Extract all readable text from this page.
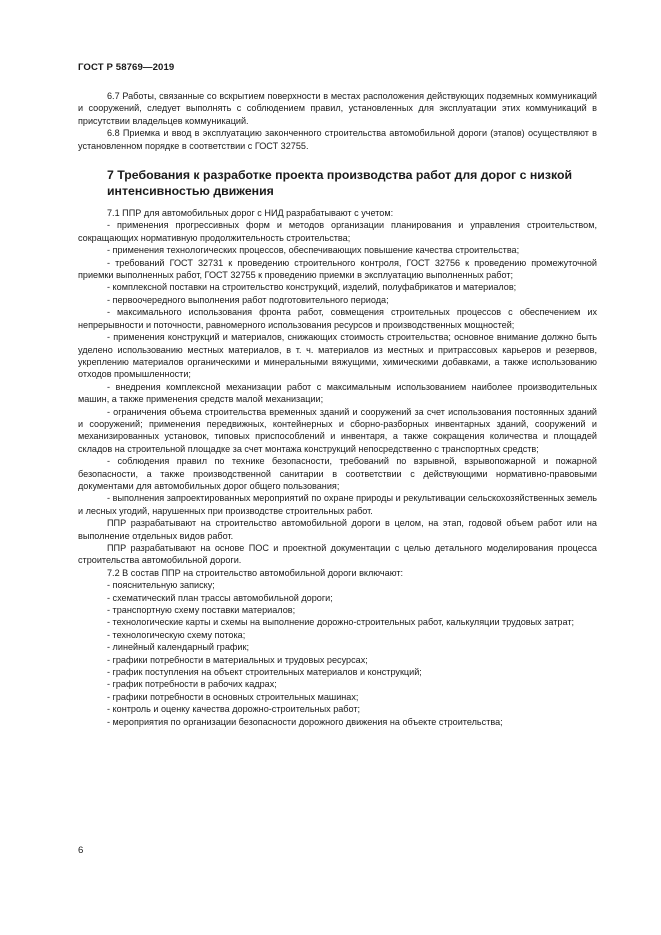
ГОСТ Р 58769—2019

6.7 Работы, связанные со вскрытием поверхности в местах расположения действующих подземных коммуникаций и сооружений, следует выполнять с соблюдением правил, установленных для эксплуатации этих коммуникаций в присутствии владельцев коммуникаций.

6.8 Приемка и ввод в эксплуатацию законченного строительства автомобильной дороги (этапов) осуществляют в установленном порядке в соответствии с ГОСТ 32755.

7 Требования к разработке проекта производства работ для дорог с низкой интенсивностью движения

7.1 ППР для автомобильных дорог с НИД разрабатывают с учетом:

- применения прогрессивных форм и методов организации планирования и управления строительством, сокращающих нормативную продолжительность строительства;

- применения технологических процессов, обеспечивающих повышение качества строительства;

- требований ГОСТ 32731 к проведению строительного контроля, ГОСТ 32756 к проведению промежуточной приемки выполненных работ, ГОСТ 32755 к проведению приемки в эксплуатацию выполненных работ;

- комплексной поставки на строительство конструкций, изделий, полуфабрикатов и материалов;

- первоочередного выполнения работ подготовительного периода;

- максимального использования фронта работ, совмещения строительных процессов с обеспечением их непрерывности и поточности, равномерного использования ресурсов и производственных мощностей;

- применения конструкций и материалов, снижающих стоимость строительства; основное внимание должно быть уделено использованию местных материалов, в т. ч. материалов из местных и притрассовых карьеров и резервов, укреплению материалов органическими и минеральными вяжущими, химическими добавками, а также использованию отходов промышленности;

- внедрения комплексной механизации работ с максимальным использованием наиболее производительных машин, а также применения средств малой механизации;

- ограничения объема строительства временных зданий и сооружений за счет использования постоянных зданий и сооружений; применения передвижных, контейнерных и сборно-разборных инвентарных зданий, сооружений и механизированных установок, типовых приспособлений и инвентаря, а также сокращения количества и площадей складов на строительной площадке за счет монтажа конструкций непосредственно с транспортных средств;

- соблюдения правил по технике безопасности, требований по взрывной, взрывопожарной и пожарной безопасности, а также производственной санитарии в соответствии с действующими нормативно-правовыми документами для автомобильных дорог общего пользования;

- выполнения запроектированных мероприятий по охране природы и рекультивации сельскохозяйственных земель и лесных угодий, нарушенных при производстве строительных работ.

ППР разрабатывают на строительство автомобильной дороги в целом, на этап, годовой объем работ или на выполнение отдельных видов работ.

ППР разрабатывают на основе ПОС и проектной документации с целью детального моделирования процесса строительства автомобильной дороги.

7.2 В состав ППР на строительство автомобильной дороги включают:

- пояснительную записку;

- схематический план трассы автомобильной дороги;

- транспортную схему поставки материалов;

- технологические карты и схемы на выполнение дорожно-строительных работ, калькуляции трудовых затрат;

- технологическую схему потока;

- линейный календарный график;

- графики потребности в материальных и трудовых ресурсах;

- график поступления на объект строительных материалов и конструкций;

- график потребности в рабочих кадрах;

- графики потребности в основных строительных машинах;

- контроль и оценку качества дорожно-строительных работ;

- мероприятия по организации безопасности дорожного движения на объекте строительства;

6
